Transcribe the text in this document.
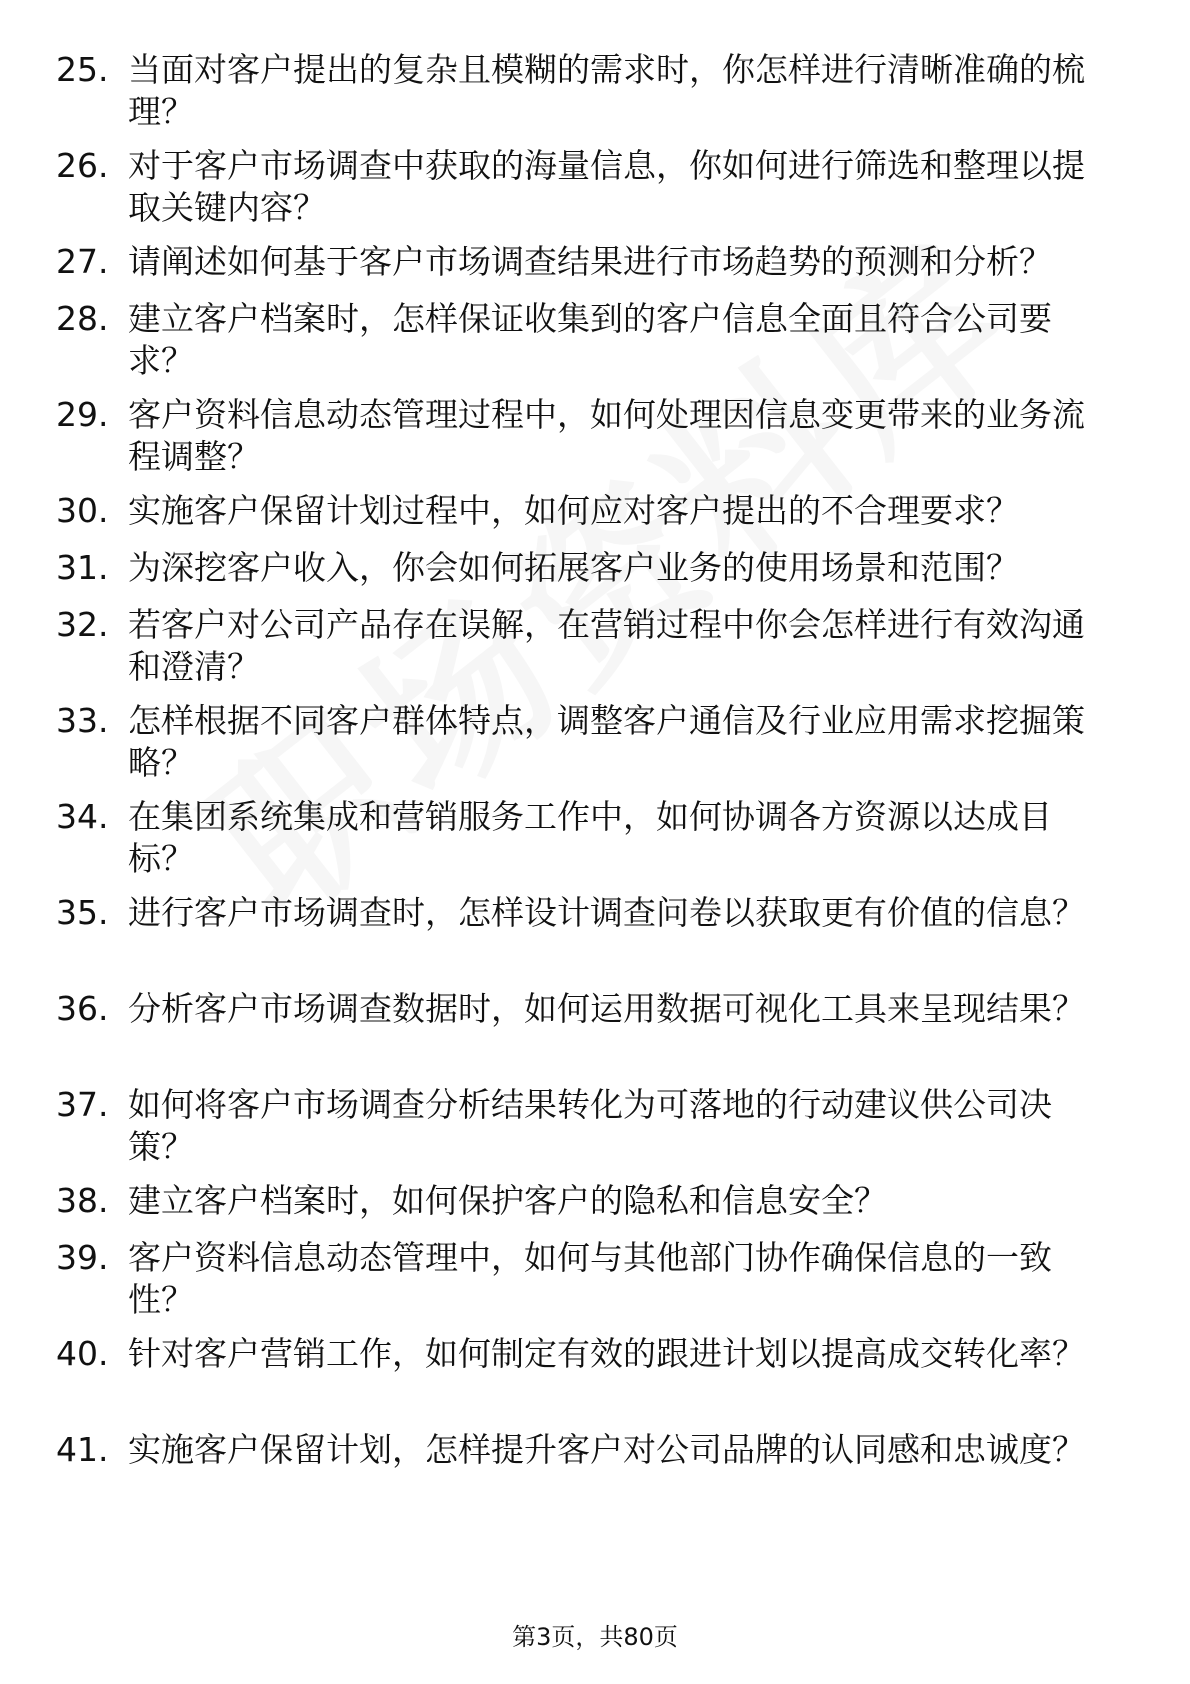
25. 当面对客户提出的复杂且模糊的需求时，你怎样进行清晰准确的梳理？
26. 对于客户市场调查中获取的海量信息，你如何进行筛选和整理以提取关键内容？
27. 请阐述如何基于客户市场调查结果进行市场趋势的预测和分析？
28. 建立客户档案时，怎样保证收集到的客户信息全面且符合公司要求？
29. 客户资料信息动态管理过程中，如何处理因信息变更带来的业务流程调整？
30. 实施客户保留计划过程中，如何应对客户提出的不合理要求？
31. 为深挖客户收入，你会如何拓展客户业务的使用场景和范围？
32. 若客户对公司产品存在误解，在营销过程中你会怎样进行有效沟通和澄清？
33. 怎样根据不同客户群体特点，调整客户通信及行业应用需求挖掘策略？
34. 在集团系统集成和营销服务工作中，如何协调各方资源以达成目标？
35. 进行客户市场调查时，怎样设计调查问卷以获取更有价值的信息？
36. 分析客户市场调查数据时，如何运用数据可视化工具来呈现结果？
37. 如何将客户市场调查分析结果转化为可落地的行动建议供公司决策？
38. 建立客户档案时，如何保护客户的隐私和信息安全？
39. 客户资料信息动态管理中，如何与其他部门协作确保信息的一致性？
40. 针对客户营销工作，如何制定有效的跟进计划以提高成交转化率？
41. 实施客户保留计划，怎样提升客户对公司品牌的认同感和忠诚度？
第3页，共80页
